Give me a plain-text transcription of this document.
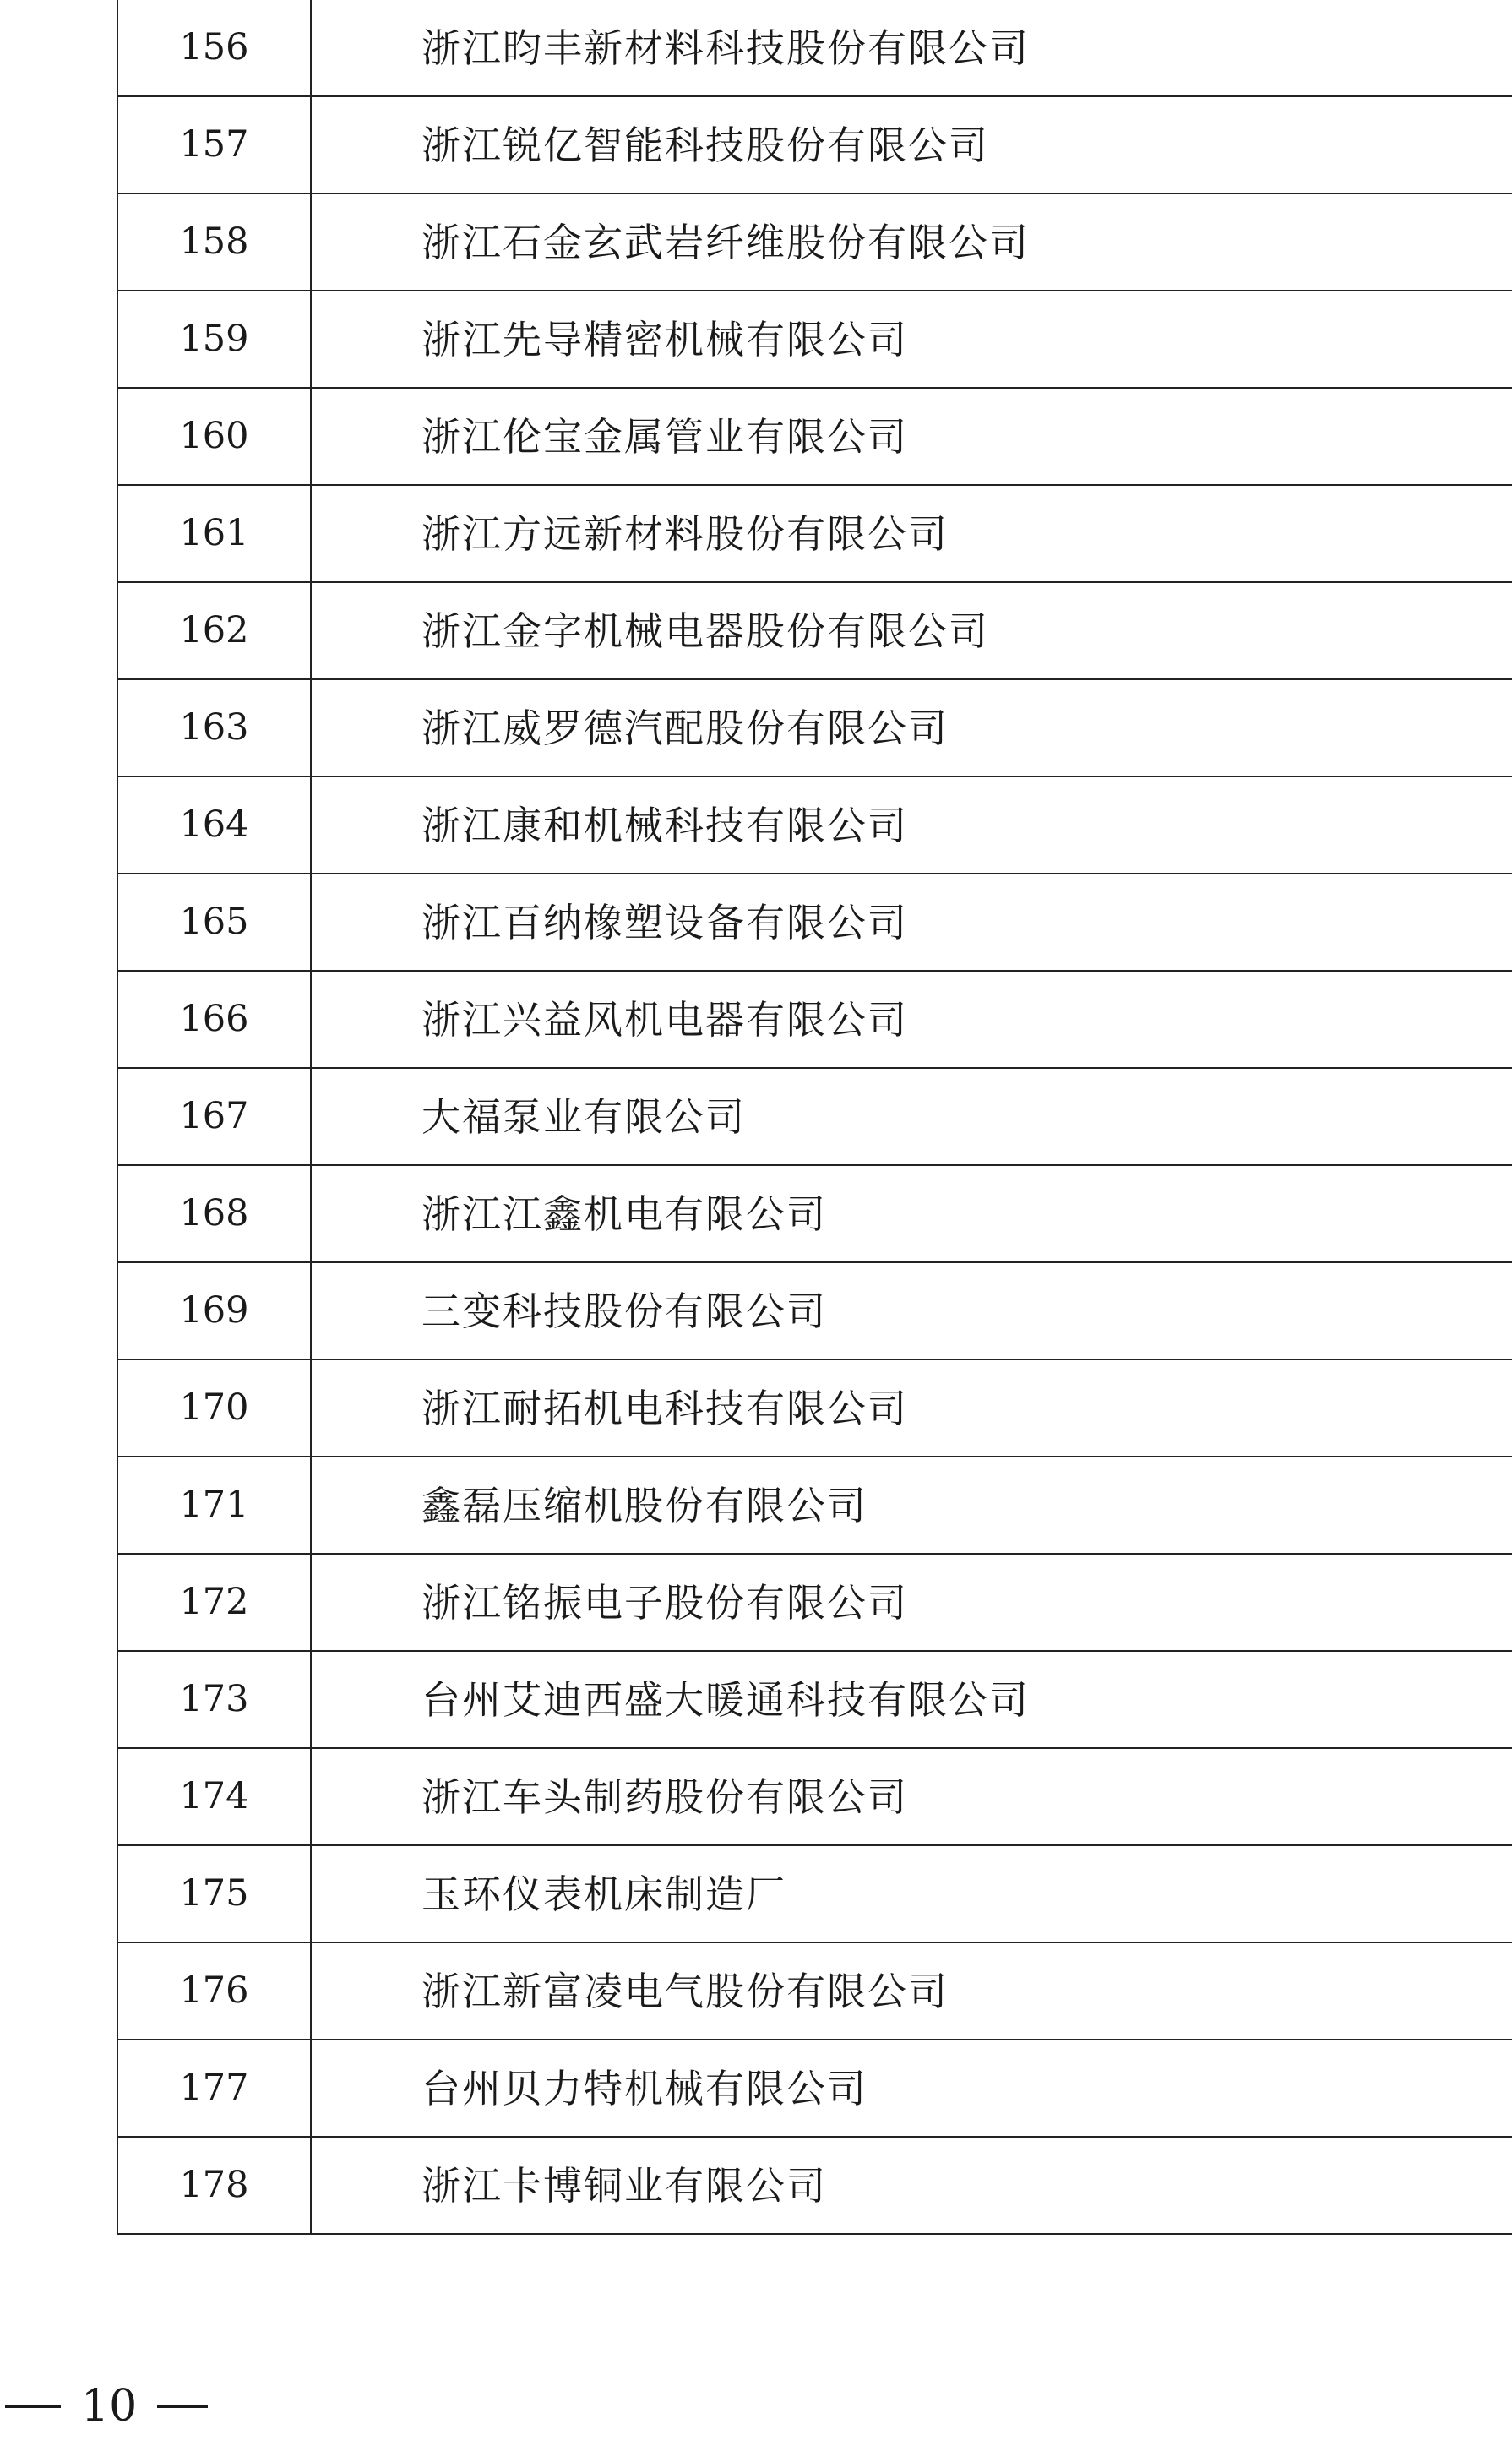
156	浙江昀丰新材料科技股份有限公司
157	浙江锐亿智能科技股份有限公司
158	浙江石金玄武岩纤维股份有限公司
159	浙江先导精密机械有限公司
160	浙江伦宝金属管业有限公司
161	浙江方远新材料股份有限公司
162	浙江金字机械电器股份有限公司
163	浙江威罗德汽配股份有限公司
164	浙江康和机械科技有限公司
165	浙江百纳橡塑设备有限公司
166	浙江兴益风机电器有限公司
167	大福泵业有限公司
168	浙江江鑫机电有限公司
169	三变科技股份有限公司
170	浙江耐拓机电科技有限公司
171	鑫磊压缩机股份有限公司
172	浙江铭振电子股份有限公司
173	台州艾迪西盛大暖通科技有限公司
174	浙江车头制药股份有限公司
175	玉环仪表机床制造厂
176	浙江新富凌电气股份有限公司
177	台州贝力特机械有限公司
178	浙江卡博铜业有限公司
10
